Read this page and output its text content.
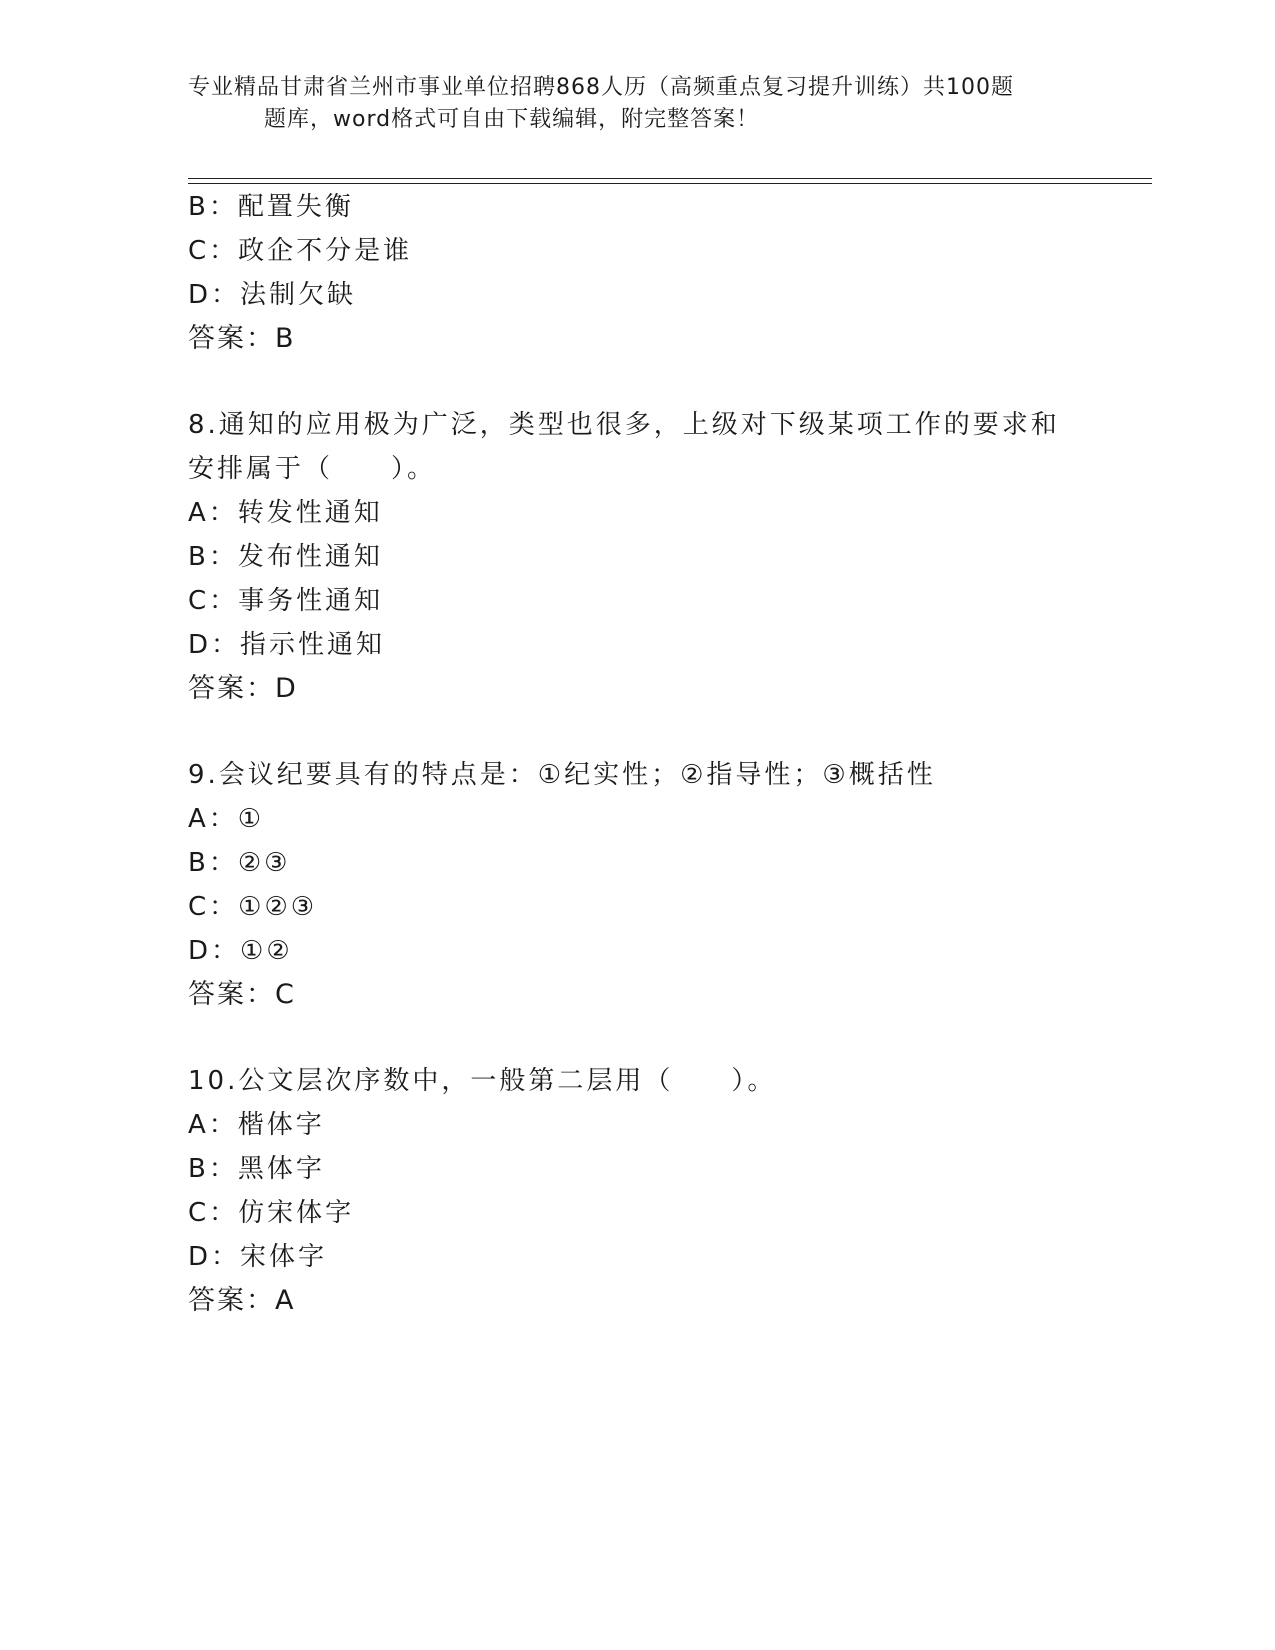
专业精品甘肃省兰州市事业单位招聘868人历（高频重点复习提升训练）共100题
题库，word格式可自由下载编辑，附完整答案！
B：配置失衡
C：政企不分是谁
D：法制欠缺
答案：B
8.通知的应用极为广泛，类型也很多，上级对下级某项工作的要求和
安排属于（　　）。
A：转发性通知
B：发布性通知
C：事务性通知
D：指示性通知
答案：D
9.会议纪要具有的特点是：①纪实性；②指导性；③概括性
A：①
B：②③
C：①②③
D：①②
答案：C
10.公文层次序数中，一般第二层用（　　）。
A：楷体字
B：黑体字
C：仿宋体字
D：宋体字
答案：A
